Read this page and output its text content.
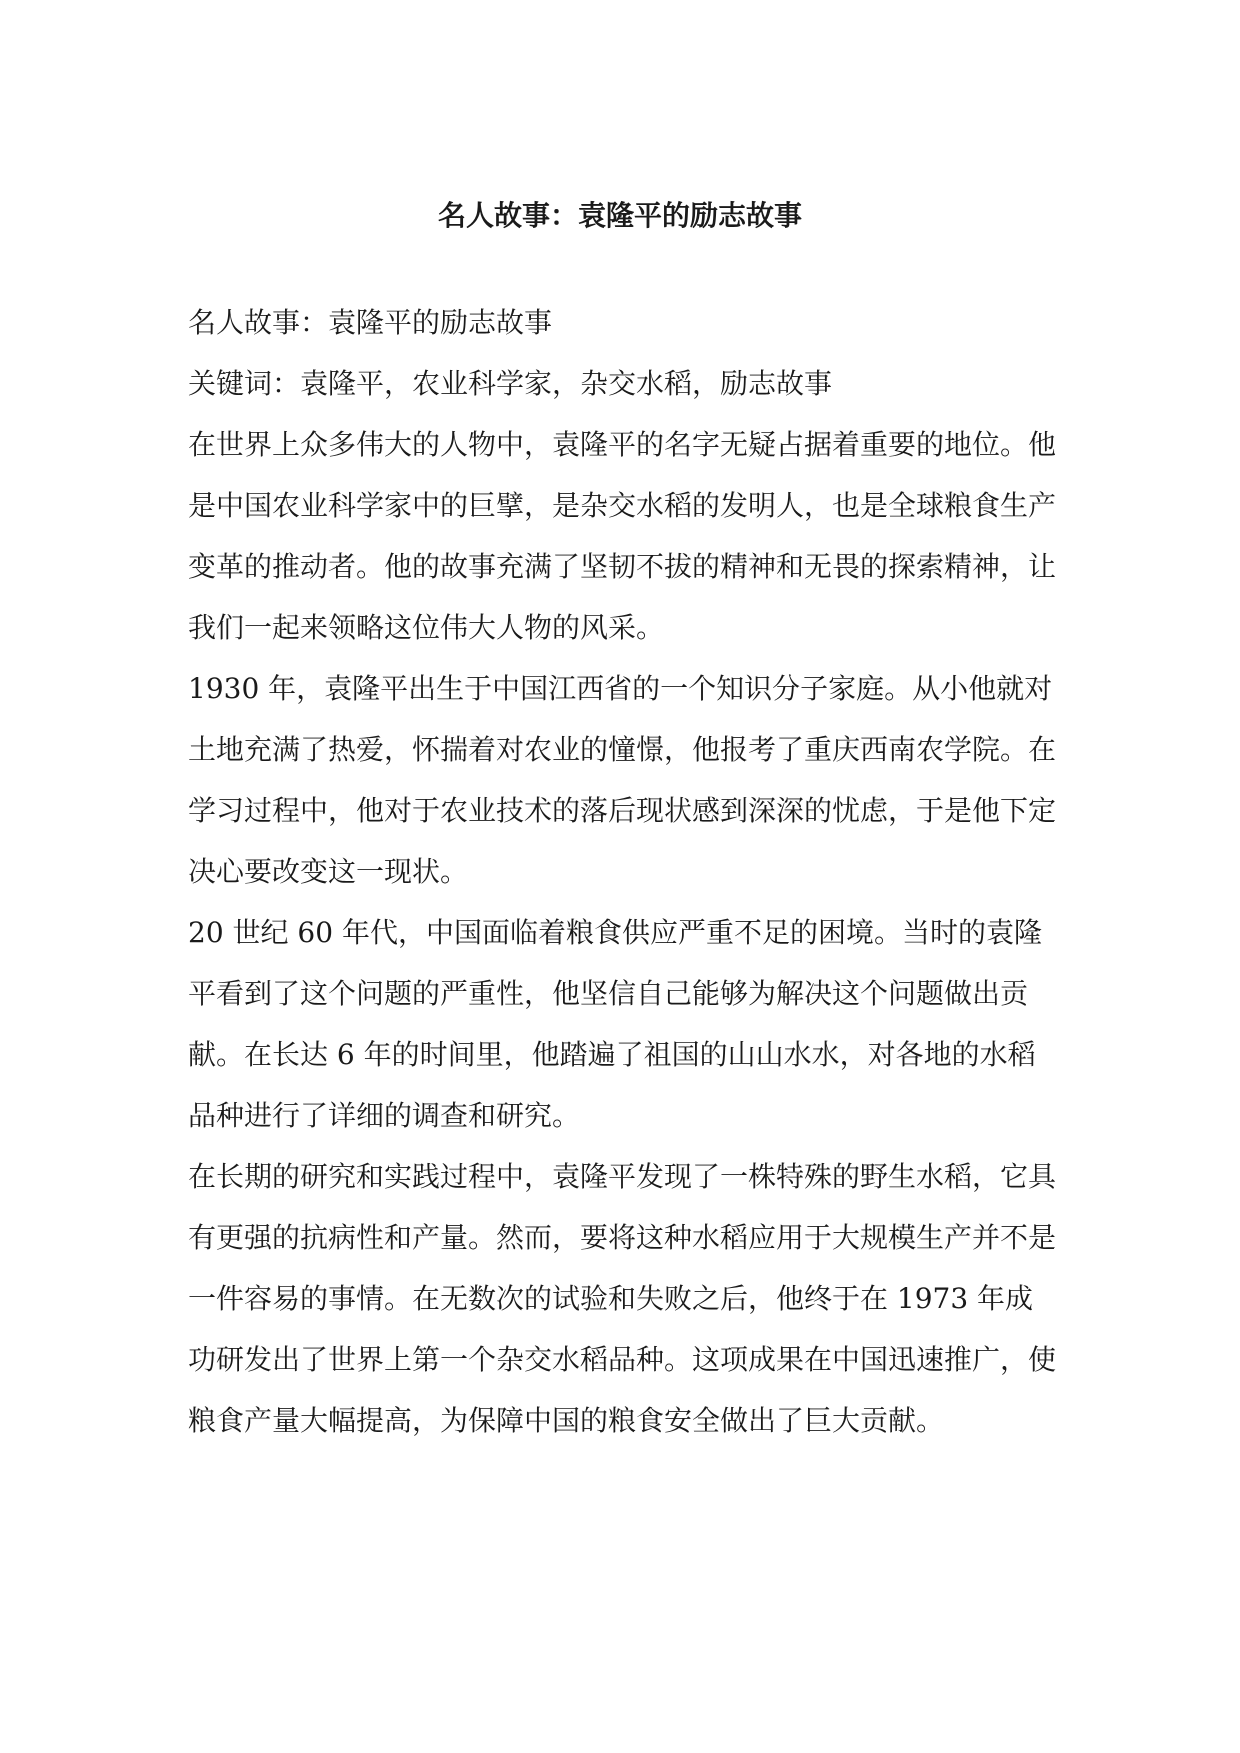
名人故事：袁隆平的励志故事

名人故事：袁隆平的励志故事

关键词：袁隆平，农业科学家，杂交水稻，励志故事

在世界上众多伟大的人物中，袁隆平的名字无疑占据着重要的地位。他是中国农业科学家中的巨擘，是杂交水稻的发明人，也是全球粮食生产变革的推动者。他的故事充满了坚韧不拔的精神和无畏的探索精神，让我们一起来领略这位伟大人物的风采。

1930 年，袁隆平出生于中国江西省的一个知识分子家庭。从小他就对土地充满了热爱，怀揣着对农业的憧憬，他报考了重庆西南农学院。在学习过程中，他对于农业技术的落后现状感到深深的忧虑，于是他下定决心要改变这一现状。

20 世纪 60 年代，中国面临着粮食供应严重不足的困境。当时的袁隆平看到了这个问题的严重性，他坚信自己能够为解决这个问题做出贡献。在长达 6 年的时间里，他踏遍了祖国的山山水水，对各地的水稻品种进行了详细的调查和研究。

在长期的研究和实践过程中，袁隆平发现了一株特殊的野生水稻，它具有更强的抗病性和产量。然而，要将这种水稻应用于大规模生产并不是一件容易的事情。在无数次的试验和失败之后，他终于在 1973 年成功研发出了世界上第一个杂交水稻品种。这项成果在中国迅速推广，使粮食产量大幅提高，为保障中国的粮食安全做出了巨大贡献。
